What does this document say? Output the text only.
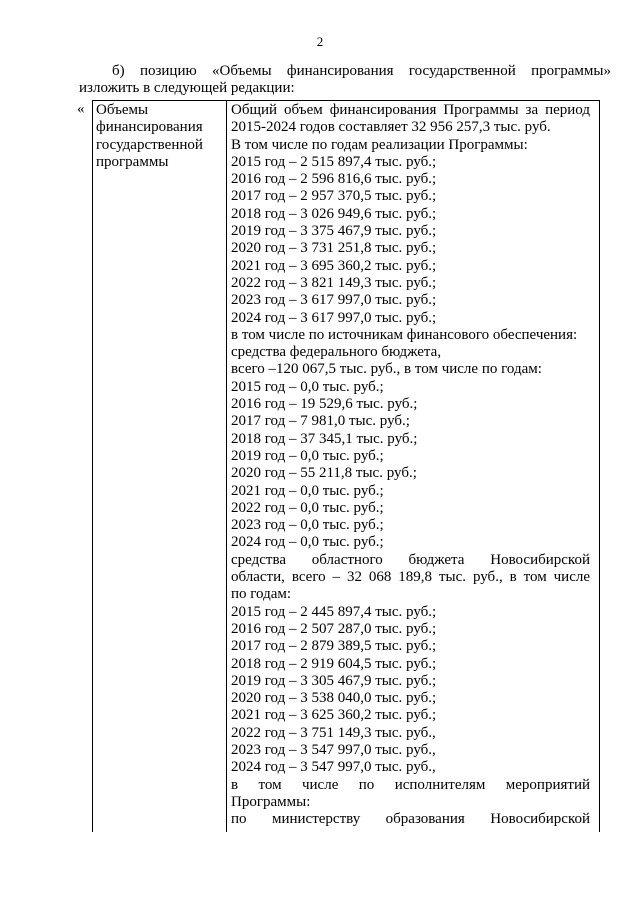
2
б) позицию «Объемы финансирования государственной программы»
изложить в следующей редакции:
« Объемы
финансирования
государственной
программы
Общий объем финансирования Программы за период
2015-2024 годов составляет 32 956 257,3 тыс. руб.
В том числе по годам реализации Программы:
2015 год – 2 515 897,4 тыс. руб.;
2016 год – 2 596 816,6 тыс. руб.;
2017 год – 2 957 370,5 тыс. руб.;
2018 год – 3 026 949,6 тыс. руб.;
2019 год – 3 375 467,9 тыс. руб.;
2020 год – 3 731 251,8 тыс. руб.;
2021 год – 3 695 360,2 тыс. руб.;
2022 год – 3 821 149,3 тыс. руб.;
2023 год – 3 617 997,0 тыс. руб.;
2024 год – 3 617 997,0 тыс. руб.;
в том числе по источникам финансового обеспечения:
средства федерального бюджета,
всего –120 067,5 тыс. руб., в том числе по годам:
2015 год – 0,0 тыс. руб.;
2016 год – 19 529,6 тыс. руб.;
2017 год – 7 981,0 тыс. руб.;
2018 год – 37 345,1 тыс. руб.;
2019 год – 0,0 тыс. руб.;
2020 год – 55 211,8 тыс. руб.;
2021 год – 0,0 тыс. руб.;
2022 год – 0,0 тыс. руб.;
2023 год – 0,0 тыс. руб.;
2024 год – 0,0 тыс. руб.;
средства областного бюджета Новосибирской
области, всего – 32 068 189,8 тыс. руб., в том числе
по годам:
2015 год – 2 445 897,4 тыс. руб.;
2016 год – 2 507 287,0 тыс. руб.;
2017 год – 2 879 389,5 тыс. руб.;
2018 год – 2 919 604,5 тыс. руб.;
2019 год – 3 305 467,9 тыс. руб.;
2020 год – 3 538 040,0 тыс. руб.;
2021 год – 3 625 360,2 тыс. руб.;
2022 год – 3 751 149,3 тыс. руб.,
2023 год – 3 547 997,0 тыс. руб.,
2024 год – 3 547 997,0 тыс. руб.,
в том числе по исполнителям мероприятий
Программы:
по министерству образования Новосибирской
